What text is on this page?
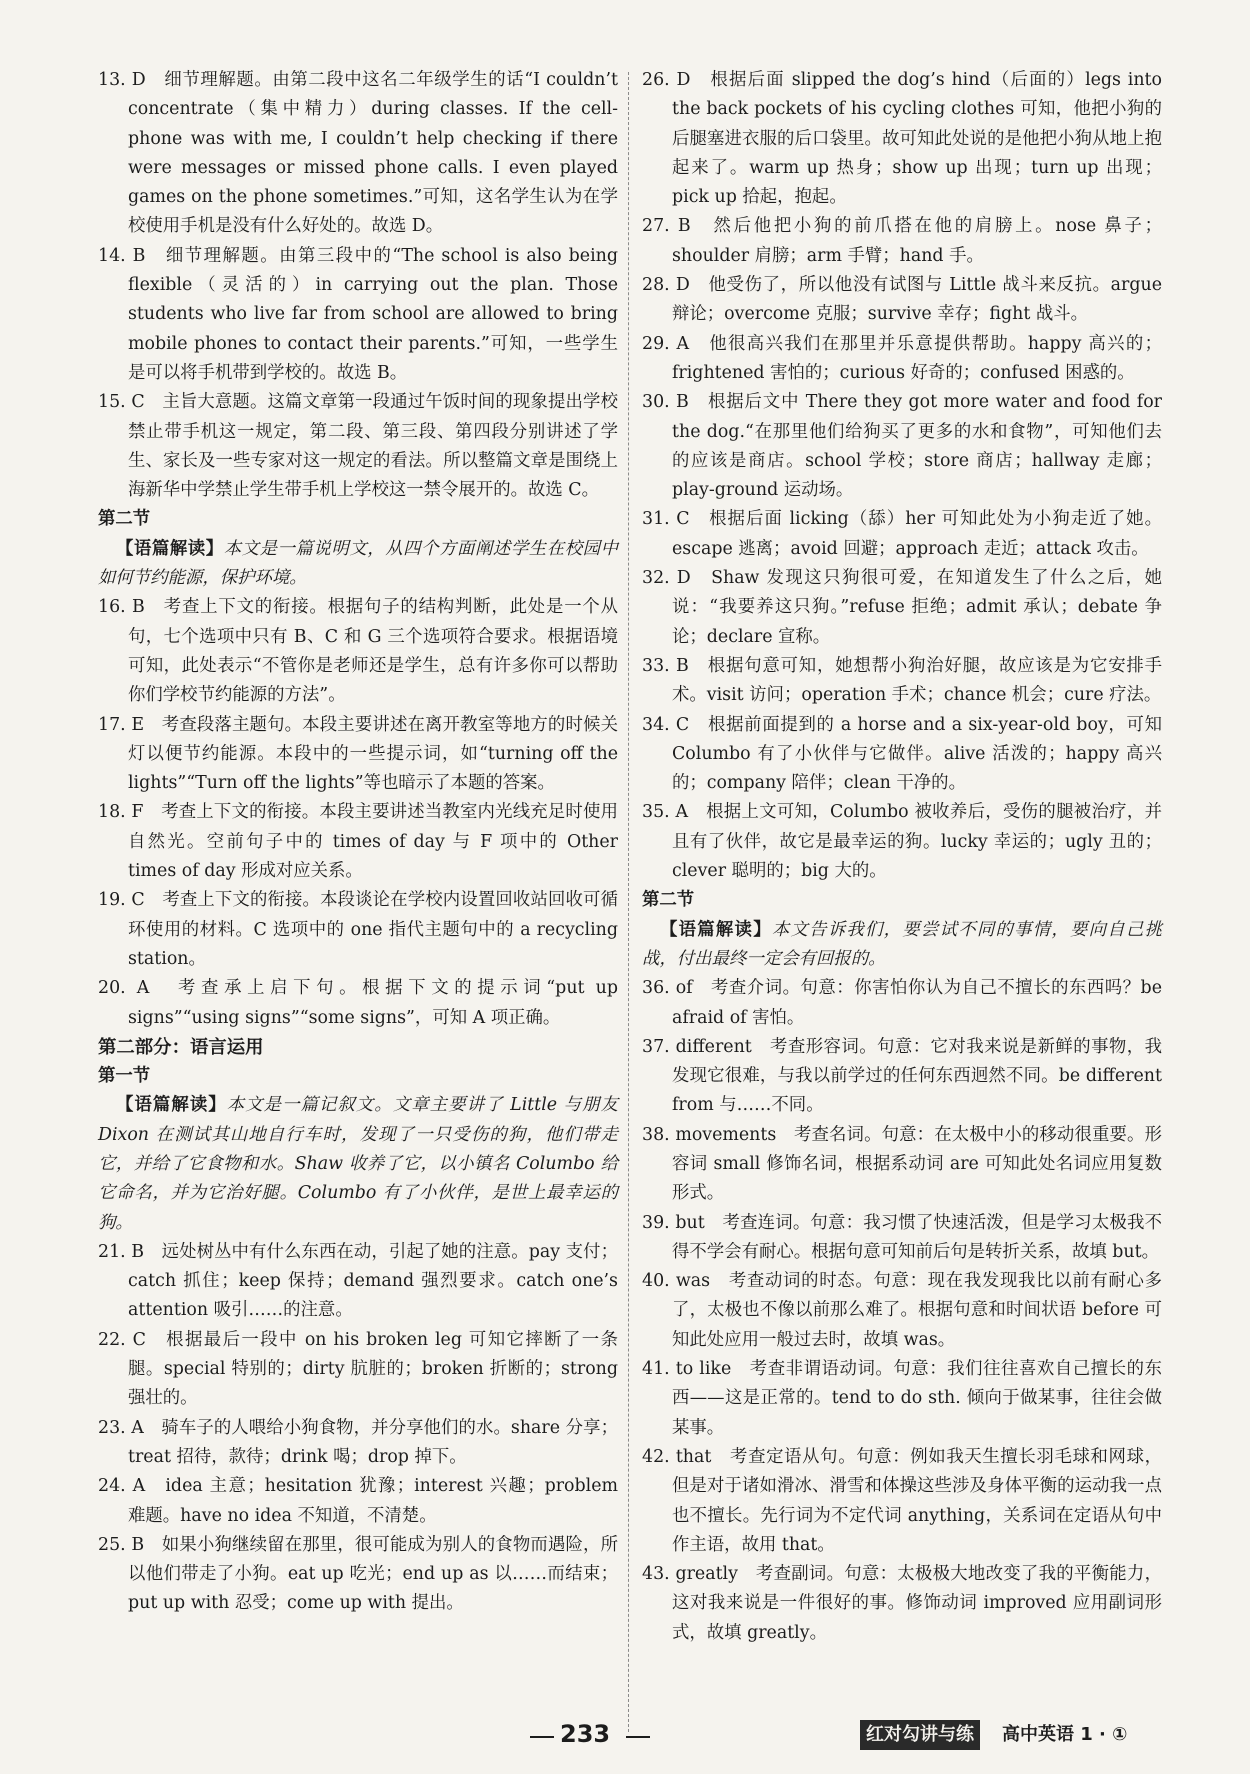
13. D　 细节理解题。由第二段中这名二年级学生的话“I couldn’t concentrate（集中精力）during classes. If the cell-phone was with me, I couldn’t help checking if there were messages or missed phone calls. I even played games on the phone sometimes.”可知，这名学生认为在学校使用手机是没有什么好处的。故选 D。

14. B　 细节理解题。由第三段中的“The school is also being flexible（灵活的）in carrying out the plan. Those students who live far from school are allowed to bring mobile phones to contact their parents.”可知，一些学生是可以将手机带到学校的。故选 B。

15. C　 主旨大意题。这篇文章第一段通过午饭时间的现象提出学校禁止带手机这一规定，第二段、第三段、第四段分别讲述了学生、家长及一些专家对这一规定的看法。所以整篇文章是围绕上海新华中学禁止学生带手机上学校这一禁令展开的。故选 C。

第二节

【语篇解读】本文是一篇说明文，从四个方面阐述学生在校园中如何节约能源，保护环境。

16. B　 考查上下文的衔接。根据句子的结构判断，此处是一个从句，七个选项中只有 B、C 和 G 三个选项符合要求。根据语境可知，此处表示“不管你是老师还是学生，总有许多你可以帮助你们学校节约能源的方法”。

17. E　 考查段落主题句。本段主要讲述在离开教室等地方的时候关灯以便节约能源。本段中的一些提示词，如“turning off the lights”“Turn off the lights”等也暗示了本题的答案。

18. F　 考查上下文的衔接。本段主要讲述当教室内光线充足时使用自然光。空前句子中的 times of day 与 F 项中的 Other times of day 形成对应关系。

19. C　 考查上下文的衔接。本段谈论在学校内设置回收站回收可循环使用的材料。C 选项中的 one 指代主题句中的 a recycling station。

20. A　 考查承上启下句。根据下文的提示词“put up signs”“using signs”“some signs”，可知 A 项正确。

第二部分：语言运用

第一节

【语篇解读】本文是一篇记叙文。文章主要讲了 Little 与朋友 Dixon 在测试其山地自行车时，发现了一只受伤的狗，他们带走它，并给了它食物和水。Shaw 收养了它，以小镇名 Columbo 给它命名，并为它治好腿。Columbo 有了小伙伴，是世上最幸运的狗。

21. B　 远处树丛中有什么东西在动，引起了她的注意。pay 支付；catch 抓住；keep 保持；demand 强烈要求。catch one’s attention 吸引……的注意。

22. C　 根据最后一段中 on his broken leg 可知它摔断了一条腿。special 特别的；dirty 肮脏的；broken 折断的；strong 强壮的。

23. A　 骑车子的人喂给小狗食物，并分享他们的水。share 分享；treat 招待，款待；drink 喝；drop 掉下。

24. A　 idea 主意；hesitation 犹豫；interest 兴趣；problem 难题。have no idea 不知道，不清楚。

25. B　 如果小狗继续留在那里，很可能成为别人的食物而遇险，所以他们带走了小狗。eat up 吃光；end up as 以……而结束；put up with 忍受；come up with 提出。

26. D　 根据后面 slipped the dog’s hind（后面的）legs into the back pockets of his cycling clothes 可知，他把小狗的后腿塞进衣服的后口袋里。故可知此处说的是他把小狗从地上抱起来了。warm up 热身；show up 出现；turn up 出现；pick up 拾起，抱起。

27. B　 然后他把小狗的前爪搭在他的肩膀上。nose 鼻子；shoulder 肩膀；arm 手臂；hand 手。

28. D　 他受伤了，所以他没有试图与 Little 战斗来反抗。argue 辩论；overcome 克服；survive 幸存；fight 战斗。

29. A　 他很高兴我们在那里并乐意提供帮助。happy 高兴的；frightened 害怕的；curious 好奇的；confused 困惑的。

30. B　 根据后文中 There they got more water and food for the dog.“在那里他们给狗买了更多的水和食物”，可知他们去的应该是商店。school 学校；store 商店；hallway 走廊；play-ground 运动场。

31. C　 根据后面 licking（舔）her 可知此处为小狗走近了她。escape 逃离；avoid 回避；approach 走近；attack 攻击。

32. D　 Shaw 发现这只狗很可爱，在知道发生了什么之后，她说：“我要养这只狗。”refuse 拒绝；admit 承认；debate 争论；declare 宣称。

33. B　 根据句意可知，她想帮小狗治好腿，故应该是为它安排手术。visit 访问；operation 手术；chance 机会；cure 疗法。

34. C　 根据前面提到的 a horse and a six-year-old boy，可知 Columbo 有了小伙伴与它做伴。alive 活泼的；happy 高兴的；company 陪伴；clean 干净的。

35. A　 根据上文可知，Columbo 被收养后，受伤的腿被治疗，并且有了伙伴，故它是最幸运的狗。lucky 幸运的；ugly 丑的；clever 聪明的；big 大的。

第二节

【语篇解读】本文告诉我们，要尝试不同的事情，要向自己挑战，付出最终一定会有回报的。

36. of　 考查介词。句意：你害怕你认为自己不擅长的东西吗？be afraid of 害怕。

37. different　 考查形容词。句意：它对我来说是新鲜的事物，我发现它很难，与我以前学过的任何东西迥然不同。be different from 与……不同。

38. movements　 考查名词。句意：在太极中小的移动很重要。形容词 small 修饰名词，根据系动词 are 可知此处名词应用复数形式。

39. but　 考查连词。句意：我习惯了快速活泼，但是学习太极我不得不学会有耐心。根据句意可知前后句是转折关系，故填 but。

40. was　 考查动词的时态。句意：现在我发现我比以前有耐心多了，太极也不像以前那么难了。根据句意和时间状语 before 可知此处应用一般过去时，故填 was。

41. to like　 考查非谓语动词。句意：我们往往喜欢自己擅长的东西——这是正常的。tend to do sth. 倾向于做某事，往往会做某事。

42. that　 考查定语从句。句意：例如我天生擅长羽毛球和网球，但是对于诸如滑冰、滑雪和体操这些涉及身体平衡的运动我一点也不擅长。先行词为不定代词 anything，关系词在定语从句中作主语，故用 that。

43. greatly　 考查副词。句意：太极极大地改变了我的平衡能力，这对我来说是一件很好的事。修饰动词 improved 应用副词形式，故填 greatly。

233	红对勾讲与练	高中英语 1 · ①
